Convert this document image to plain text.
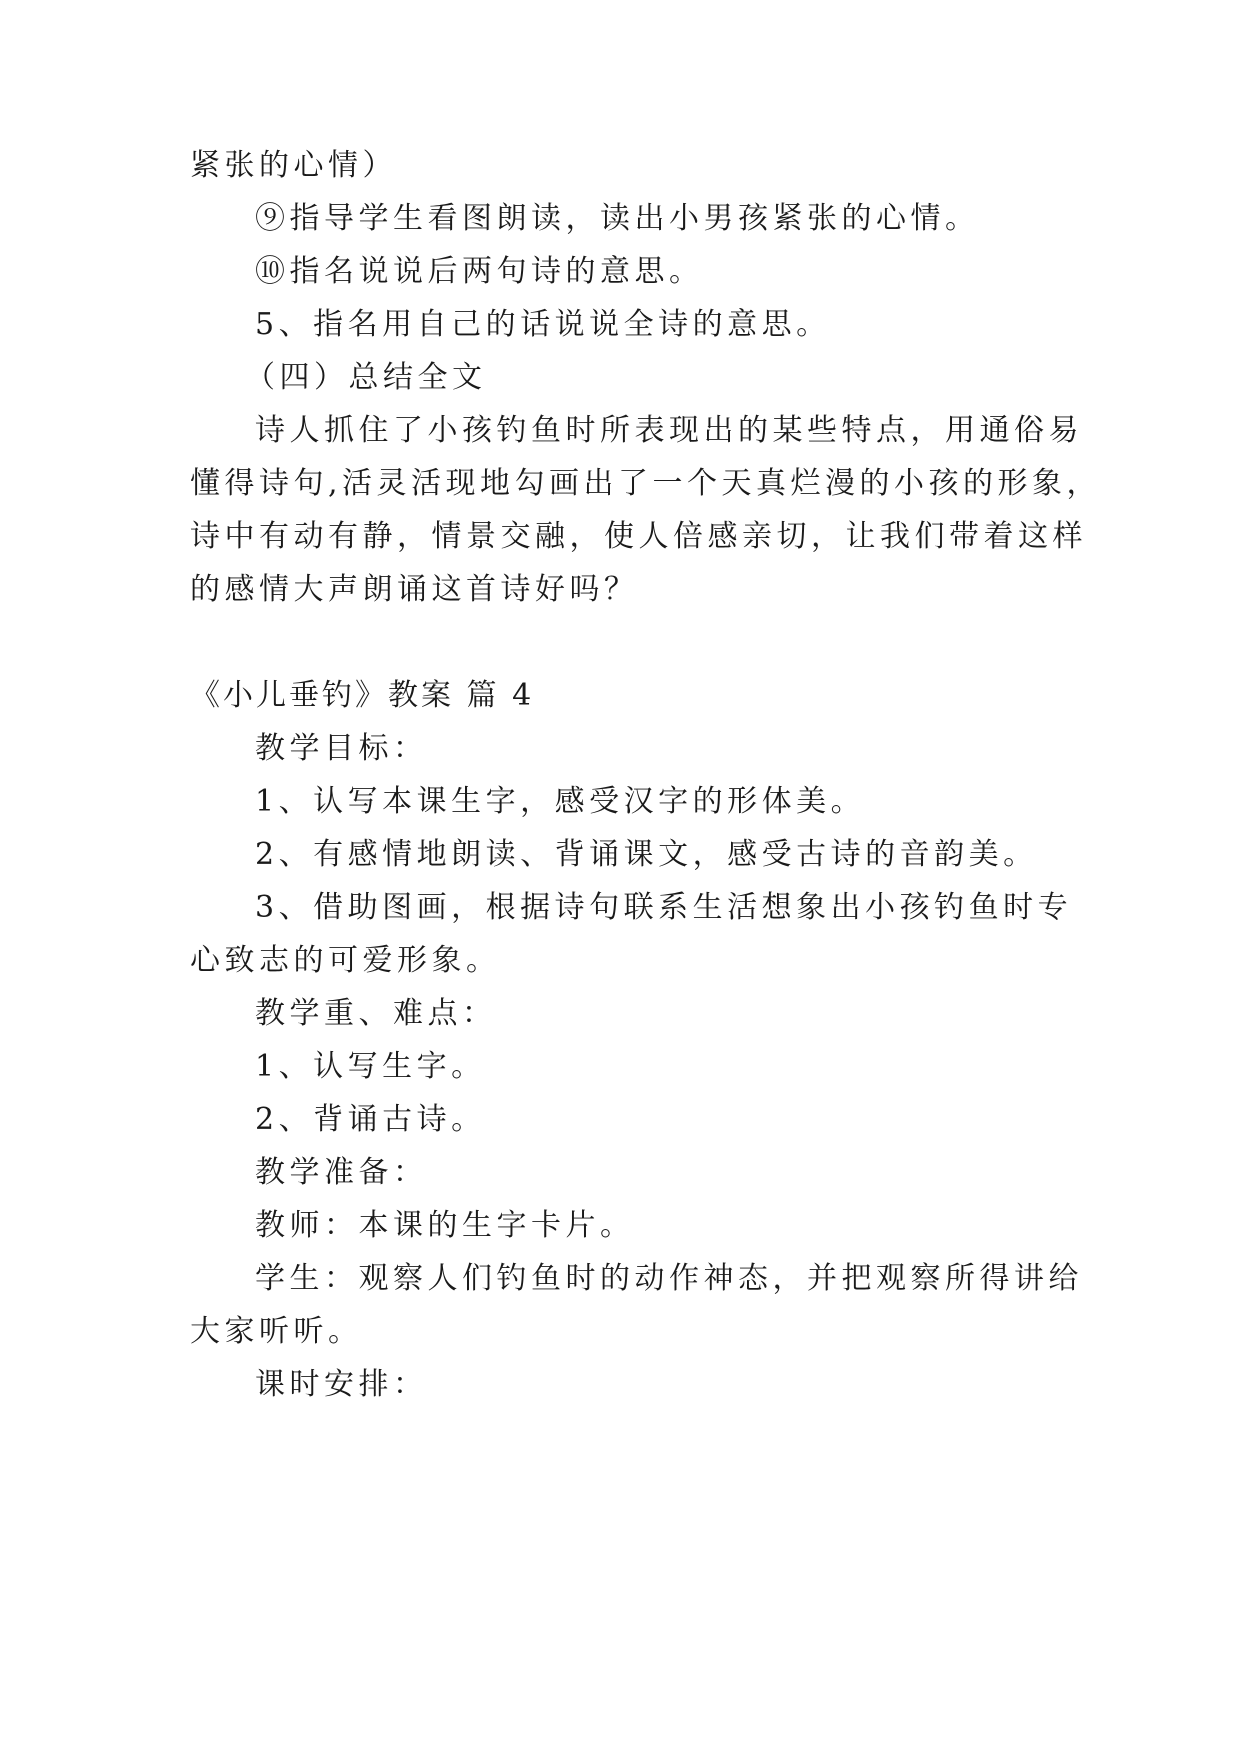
紧张的心情）

⑨指导学生看图朗读，读出小男孩紧张的心情。

⑩指名说说后两句诗的意思。

5、指名用自己的话说说全诗的意思。

（四）总结全文

诗人抓住了小孩钓鱼时所表现出的某些特点，用通俗易

懂得诗句,活灵活现地勾画出了一个天真烂漫的小孩的形象，

诗中有动有静，情景交融，使人倍感亲切，让我们带着这样

的感情大声朗诵这首诗好吗？

《小儿垂钓》教案 篇 4

教学目标：

1、认写本课生字，感受汉字的形体美。

2、有感情地朗读、背诵课文，感受古诗的音韵美。

3、借助图画，根据诗句联系生活想象出小孩钓鱼时专

心致志的可爱形象。

教学重、难点：

1、认写生字。

2、背诵古诗。

教学准备：

教师：本课的生字卡片。

学生：观察人们钓鱼时的动作神态，并把观察所得讲给

大家听听。

课时安排：
